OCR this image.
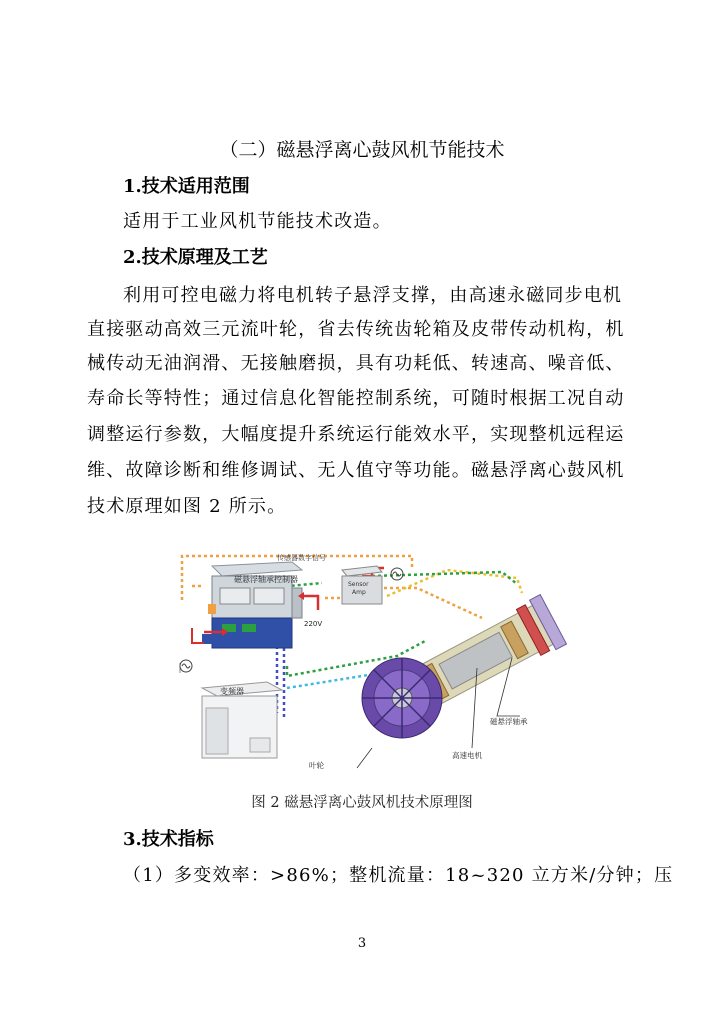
（二）磁悬浮离心鼓风机节能技术
1.技术适用范围
适用于工业风机节能技术改造。
2.技术原理及工艺
利用可控电磁力将电机转子悬浮支撑，由高速永磁同步电机
直接驱动高效三元流叶轮，省去传统齿轮箱及皮带传动机构，机
械传动无油润滑、无接触磨损，具有功耗低、转速高、噪音低、
寿命长等特性；通过信息化智能控制系统，可随时根据工况自动
调整运行参数，大幅度提升系统运行能效水平，实现整机远程运
维、故障诊断和维修调试、无人值守等功能。磁悬浮离心鼓风机
技术原理如图 2 所示。
磁悬浮轴承控制器
220V
Sensor
Amp
传感器数字信号
变频器
磁悬浮轴承
高速电机
叶轮
图 2 磁悬浮离心鼓风机技术原理图
3.技术指标
（1）多变效率：>86%；整机流量：18~320 立方米/分钟；压
3
